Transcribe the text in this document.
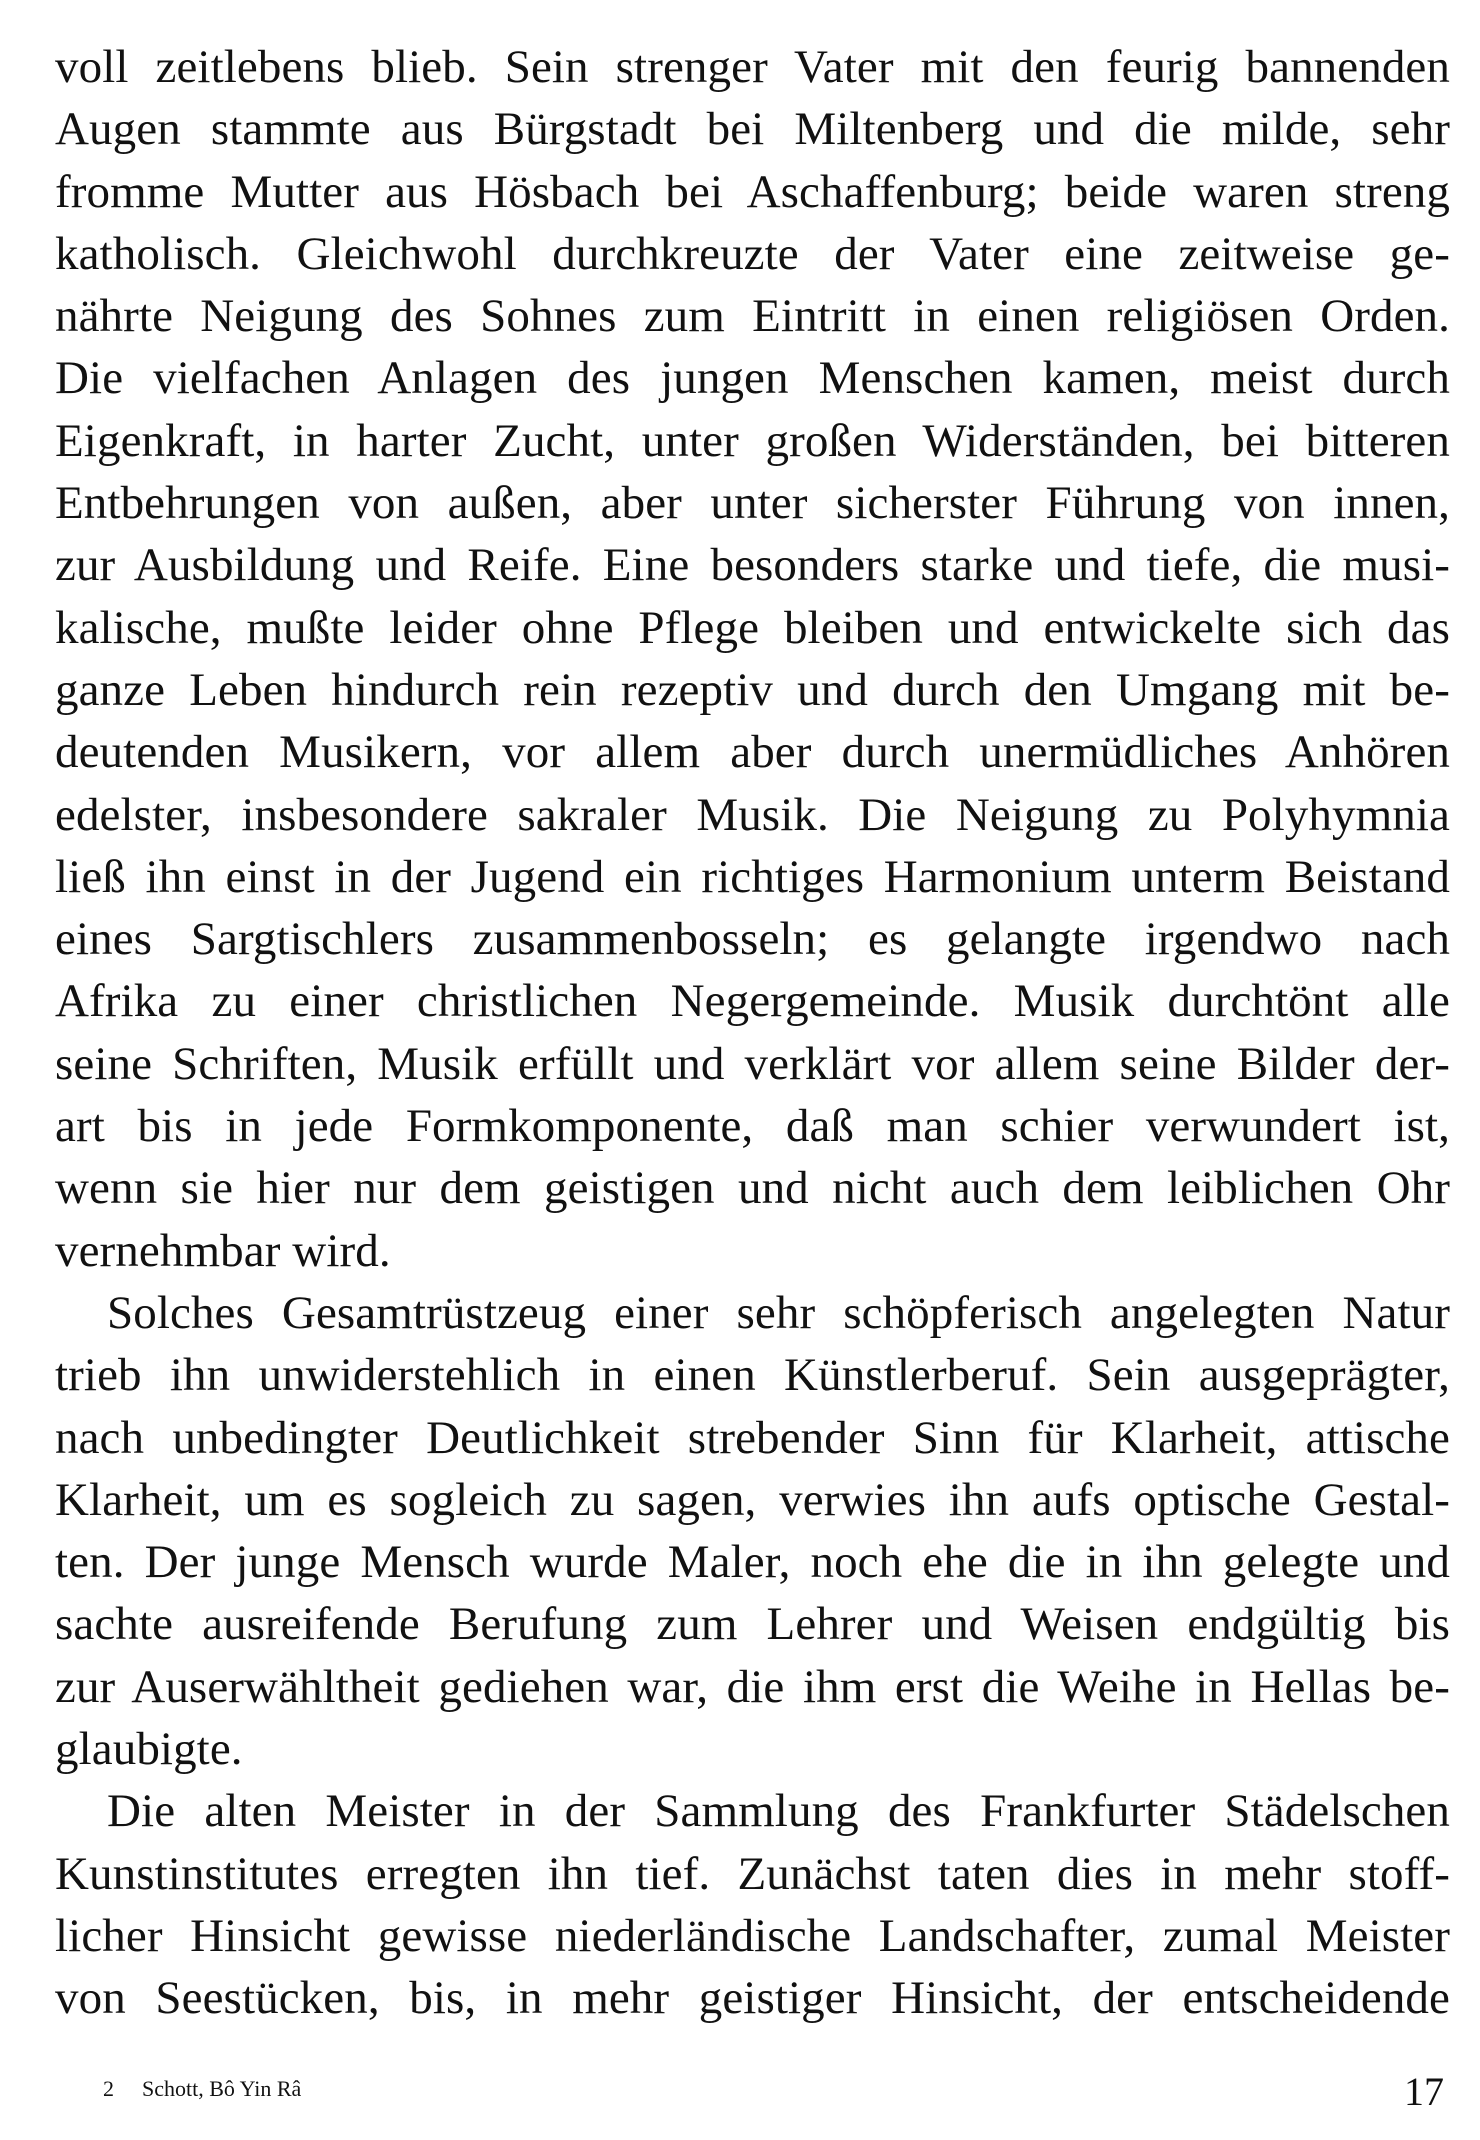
voll zeitlebens blieb. Sein strenger Vater mit den feurig bannenden
Augen stammte aus Bürgstadt bei Miltenberg und die milde, sehr
fromme Mutter aus Hösbach bei Aschaffenburg; beide waren streng
katholisch. Gleichwohl durchkreuzte der Vater eine zeitweise ge-
nährte Neigung des Sohnes zum Eintritt in einen religiösen Orden.
Die vielfachen Anlagen des jungen Menschen kamen, meist durch
Eigenkraft, in harter Zucht, unter großen Widerständen, bei bitteren
Entbehrungen von außen, aber unter sicherster Führung von innen,
zur Ausbildung und Reife. Eine besonders starke und tiefe, die musi-
kalische, mußte leider ohne Pflege bleiben und entwickelte sich das
ganze Leben hindurch rein rezeptiv und durch den Umgang mit be-
deutenden Musikern, vor allem aber durch unermüdliches Anhören
edelster, insbesondere sakraler Musik. Die Neigung zu Polyhymnia
ließ ihn einst in der Jugend ein richtiges Harmonium unterm Beistand
eines Sargtischlers zusammenbosseln; es gelangte irgendwo nach
Afrika zu einer christlichen Negergemeinde. Musik durchtönt alle
seine Schriften, Musik erfüllt und verklärt vor allem seine Bilder der-
art bis in jede Formkomponente, daß man schier verwundert ist,
wenn sie hier nur dem geistigen und nicht auch dem leiblichen Ohr
vernehmbar wird.
Solches Gesamtrüstzeug einer sehr schöpferisch angelegten Natur
trieb ihn unwiderstehlich in einen Künstlerberuf. Sein ausgeprägter,
nach unbedingter Deutlichkeit strebender Sinn für Klarheit, attische
Klarheit, um es sogleich zu sagen, verwies ihn aufs optische Gestal-
ten. Der junge Mensch wurde Maler, noch ehe die in ihn gelegte und
sachte ausreifende Berufung zum Lehrer und Weisen endgültig bis
zur Auserwähltheit gediehen war, die ihm erst die Weihe in Hellas be-
glaubigte.
Die alten Meister in der Sammlung des Frankfurter Städelschen
Kunstinstitutes erregten ihn tief. Zunächst taten dies in mehr stoff-
licher Hinsicht gewisse niederländische Landschafter, zumal Meister
von Seestücken, bis, in mehr geistiger Hinsicht, der entscheidende
2 Schott, Bô Yin Râ	17
